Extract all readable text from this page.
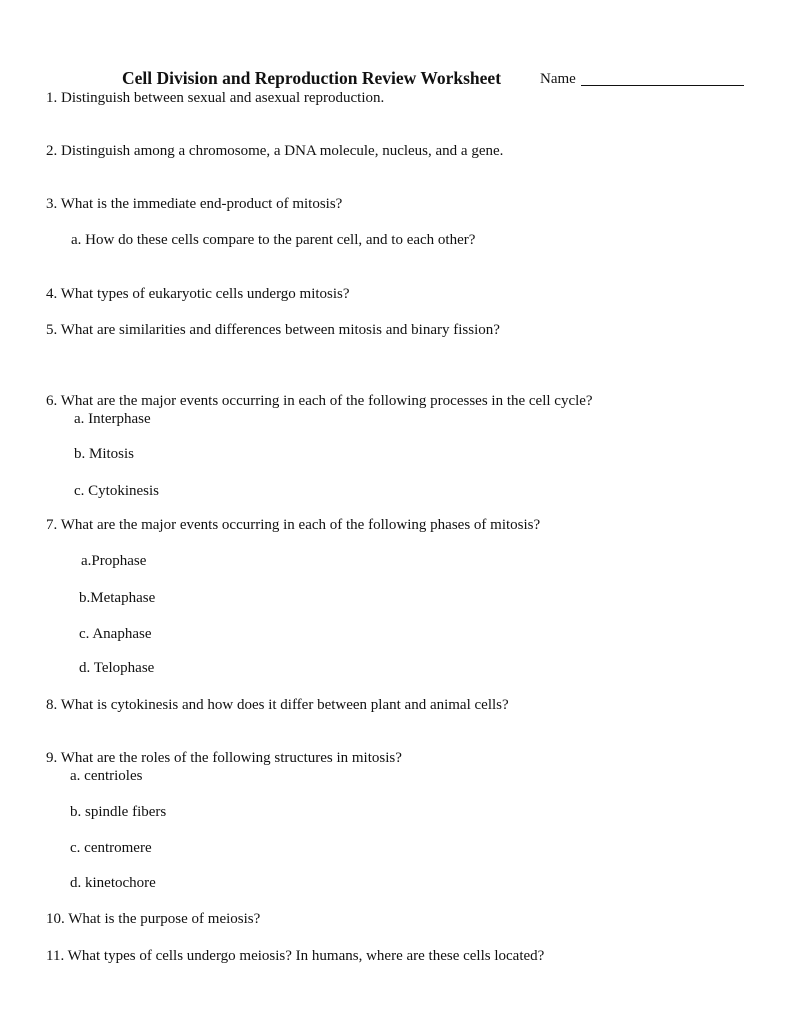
Cell Division and Reproduction Review Worksheet	Name
1. Distinguish between sexual and asexual reproduction.
2. Distinguish among a chromosome, a DNA molecule, nucleus, and a gene.
3. What is the immediate end-product of mitosis?
a. How do these cells compare to the parent cell, and to each other?
4. What types of eukaryotic cells undergo mitosis?
5. What are similarities and differences between mitosis and binary fission?
6. What are the major events occurring in each of the following processes in the cell cycle?
a. Interphase
b. Mitosis
c. Cytokinesis
7. What are the major events occurring in each of the following phases of mitosis?
a.Prophase
b.Metaphase
c. Anaphase
d. Telophase
8. What is cytokinesis and how does it differ between plant and animal cells?
9. What are the roles of the following structures in mitosis?
a. centrioles
b. spindle fibers
c. centromere
d. kinetochore
10. What is the purpose of meiosis?
11. What types of cells undergo meiosis? In humans, where are these cells located?
